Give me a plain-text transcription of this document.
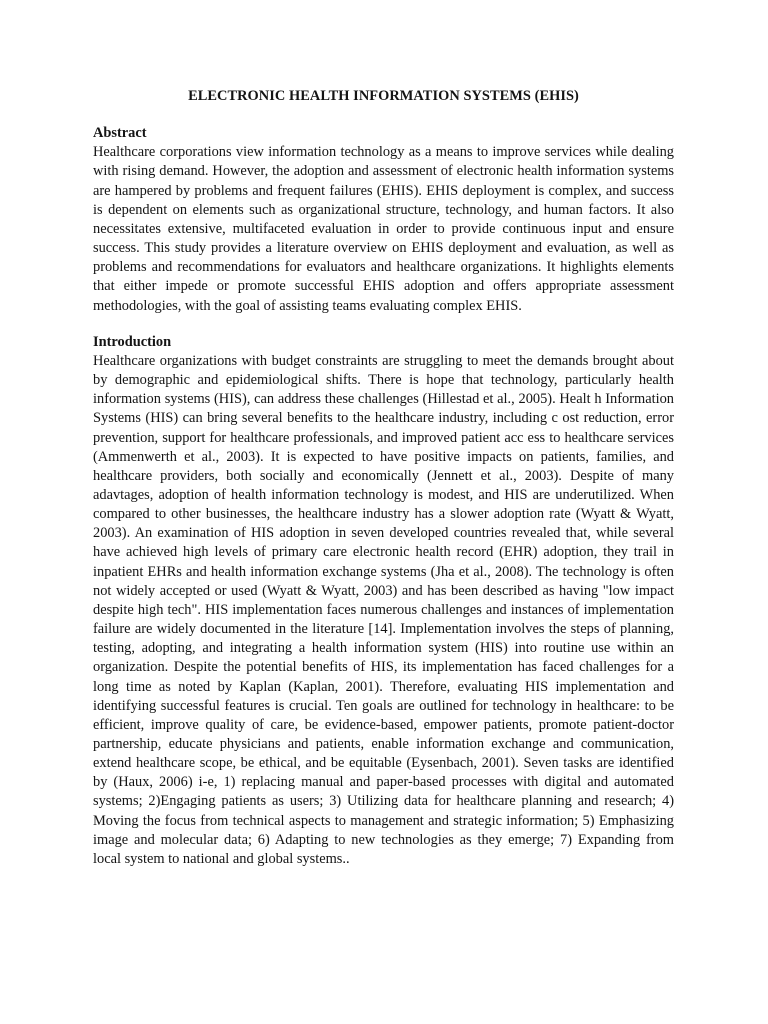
ELECTRONIC HEALTH INFORMATION SYSTEMS (EHIS)
Abstract

Healthcare corporations view information technology as a means to improve services while dealing with rising demand. However, the adoption and assessment of electronic health information systems are hampered by problems and frequent failures (EHIS). EHIS deployment is complex, and success is dependent on elements such as organizational structure, technology, and human factors. It also necessitates extensive, multifaceted evaluation in order to provide continuous input and ensure success. This study provides a literature overview on EHIS deployment and evaluation, as well as problems and recommendations for evaluators and healthcare organizations. It highlights elements that either impede or promote successful EHIS adoption and offers appropriate assessment methodologies, with the goal of assisting teams evaluating complex EHIS.

Introduction

Healthcare organizations with budget constraints are struggling to meet the demands brought about by demographic and epidemiological shifts. There is hope that technology, particularly health information systems (HIS), can address these challenges (Hillestad et al., 2005). Healt h Information Systems (HIS) can bring several benefits to the healthcare industry, including c ost reduction, error prevention, support for healthcare professionals, and improved patient acc ess to healthcare services (Ammenwerth et al., 2003). It is expected to have positive impacts on patients, families, and healthcare providers, both socially and economically (Jennett et al., 2003). Despite of many adavtages, adoption of health information technology is modest, and HIS are underutilized. When compared to other businesses, the healthcare industry has a slower adoption rate (Wyatt & Wyatt, 2003). An examination of HIS adoption in seven developed countries revealed that, while several have achieved high levels of primary care electronic health record (EHR) adoption, they trail in inpatient EHRs and health information exchange systems (Jha et al., 2008). The technology is often not widely accepted or used (Wyatt & Wyatt, 2003) and has been described as having "low impact despite high tech". HIS implementation faces numerous challenges and instances of implementation failure are widely documented in the literature [14]. Implementation involves the steps of planning, testing, adopting, and integrating a health information system (HIS) into routine use within an organization. Despite the potential benefits of HIS, its implementation has faced challenges for a long time as noted by Kaplan (Kaplan, 2001). Therefore, evaluating HIS implementation and identifying successful features is crucial. Ten goals are outlined for technology in healthcare: to be efficient, improve quality of care, be evidence-based, empower patients, promote patient-doctor partnership, educate physicians and patients, enable information exchange and communication, extend healthcare scope, be ethical, and be equitable (Eysenbach, 2001). Seven tasks are identified by (Haux, 2006) i-e, 1) replacing manual and paper-based processes with digital and automated systems; 2)Engaging patients as users; 3) Utilizing data for healthcare planning and research; 4) Moving the focus from technical aspects to management and strategic information; 5) Emphasizing image and molecular data; 6) Adapting to new technologies as they emerge; 7) Expanding from local system to national and global systems..
